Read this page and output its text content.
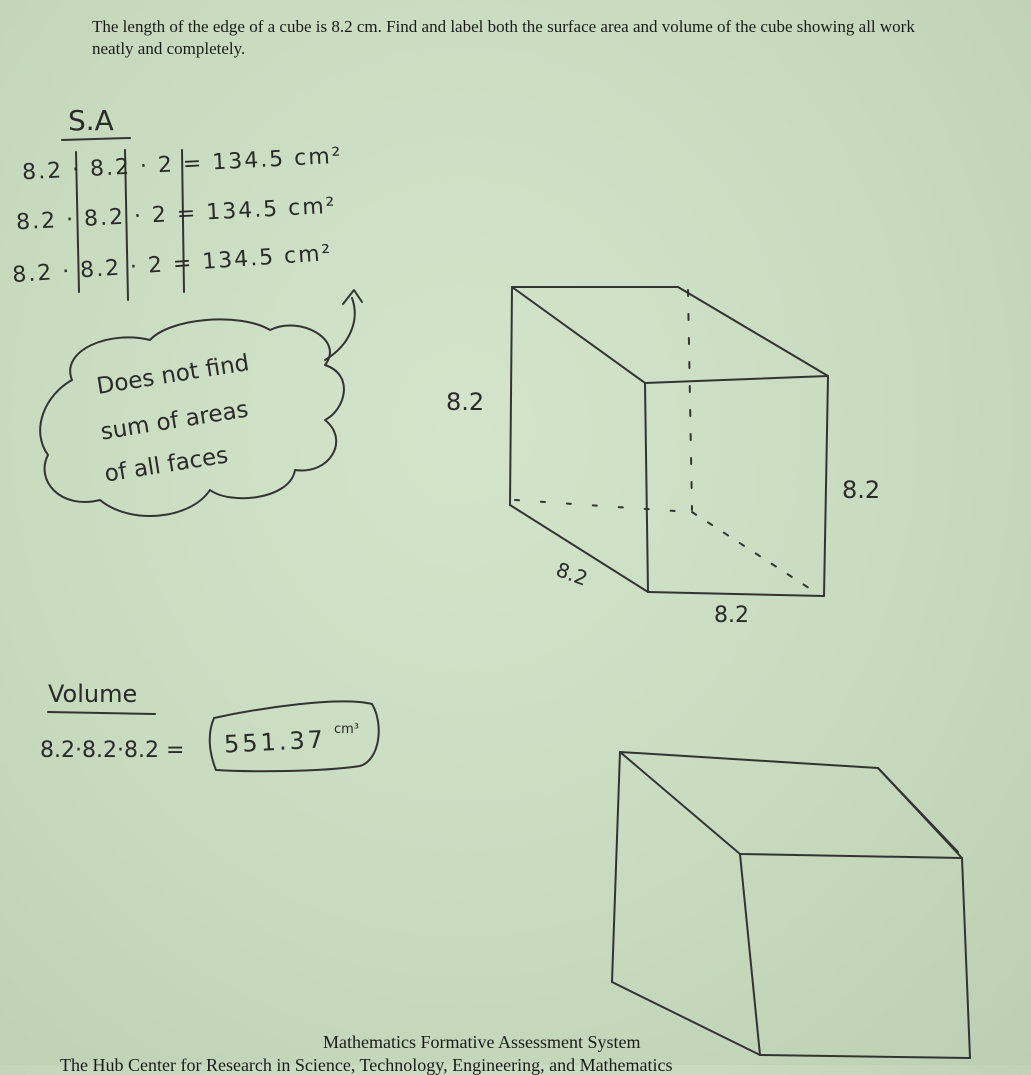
The length of the edge of a cube is 8.2 cm. Find and label both the surface area and volume of the cube showing all work neatly and completely.

S.A
8.2 · 8.2 · 2 = 134.5 cm²
8.2 · 8.2 · 2 = 134.5 cm²
8.2 · 8.2 · 2 = 134.5 cm²
Does not find
sum of areas
of all faces
8.2
8.2
8.2
8.2
Volume
8.2·8.2·8.2 = 551.37 cm³

Mathematics Formative Assessment System

The Hub Center for Research in Science, Technology, Engineering, and Mathematics
